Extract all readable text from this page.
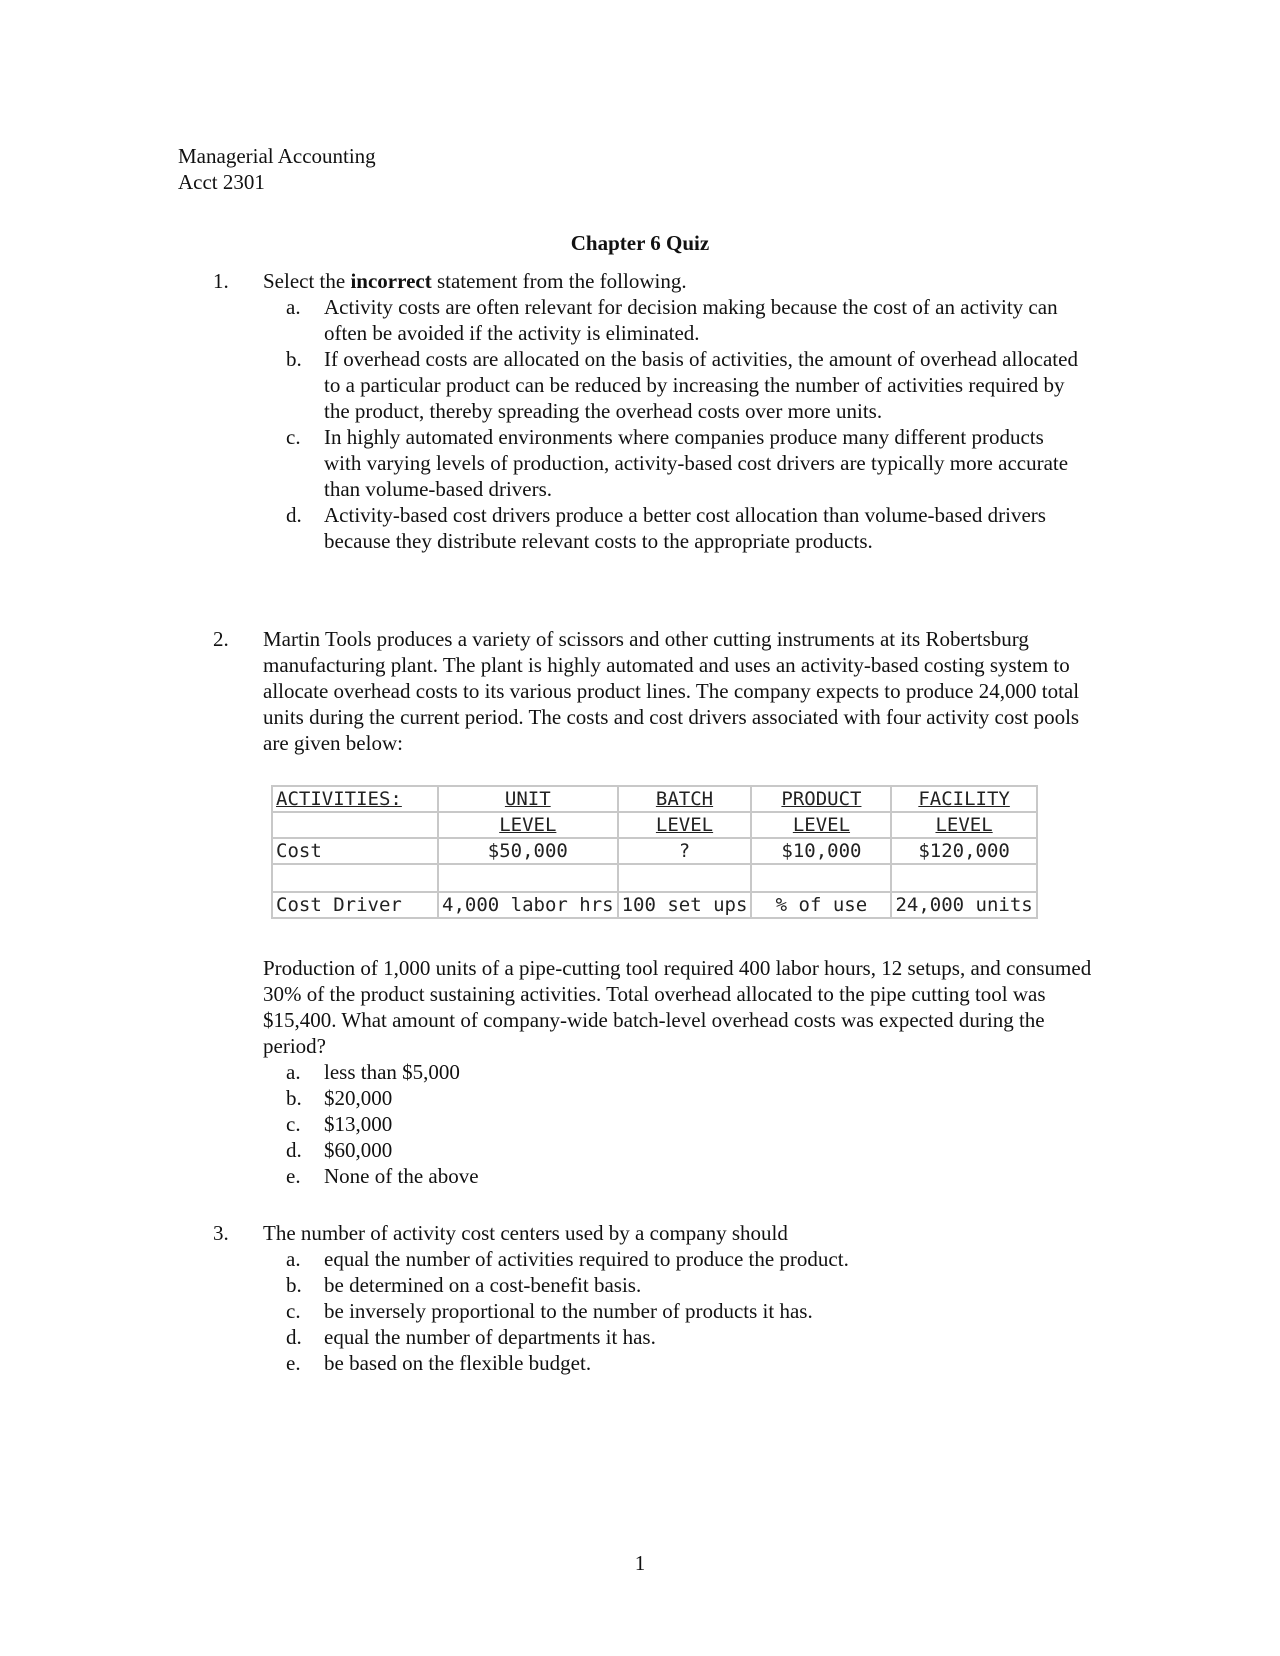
Managerial Accounting
Acct 2301
Chapter 6 Quiz
1. Select the incorrect statement from the following.
a. Activity costs are often relevant for decision making because the cost of an activity can often be avoided if the activity is eliminated.
b. If overhead costs are allocated on the basis of activities, the amount of overhead allocated to a particular product can be reduced by increasing the number of activities required by the product, thereby spreading the overhead costs over more units.
c. In highly automated environments where companies produce many different products with varying levels of production, activity-based cost drivers are typically more accurate than volume-based drivers.
d. Activity-based cost drivers produce a better cost allocation than volume-based drivers because they distribute relevant costs to the appropriate products.
2. Martin Tools produces a variety of scissors and other cutting instruments at its Robertsburg manufacturing plant. The plant is highly automated and uses an activity-based costing system to allocate overhead costs to its various product lines. The company expects to produce 24,000 total units during the current period. The costs and cost drivers associated with four activity cost pools are given below:
ACTIVITIES:	UNIT	BATCH	PRODUCT	FACILITY
	LEVEL	LEVEL	LEVEL	LEVEL
Cost	$50,000	?	$10,000	$120,000

Cost Driver	4,000 labor hrs	100 set ups	% of use	24,000 units
Production of 1,000 units of a pipe-cutting tool required 400 labor hours, 12 setups, and consumed 30% of the product sustaining activities. Total overhead allocated to the pipe cutting tool was $15,400. What amount of company-wide batch-level overhead costs was expected during the period?
a. less than $5,000
b. $20,000
c. $13,000
d. $60,000
e. None of the above
3. The number of activity cost centers used by a company should
a. equal the number of activities required to produce the product.
b. be determined on a cost-benefit basis.
c. be inversely proportional to the number of products it has.
d. equal the number of departments it has.
e. be based on the flexible budget.
1
